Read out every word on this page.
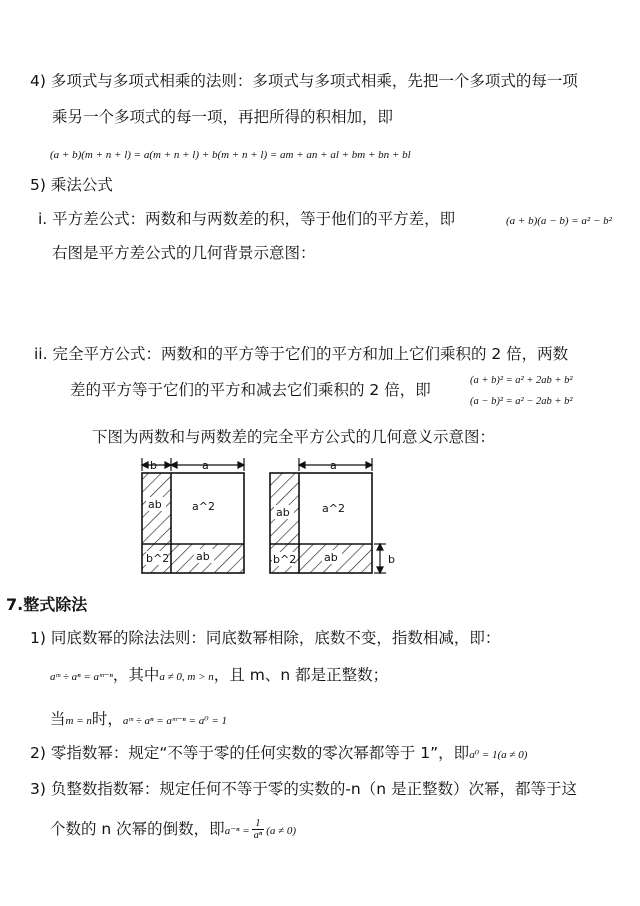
4) 多项式与多项式相乘的法则：多项式与多项式相乘，先把一个多项式的每一项
乘另一个多项式的每一项，再把所得的积相加，即
(a + b)(m + n + l) = a(m + n + l) + b(m + n + l) = am + an + al + bm + bn + bl
5) 乘法公式
i. 平方差公式：两数和与两数差的积，等于他们的平方差，即	(a + b)(a − b) = a² − b²
右图是平方差公式的几何背景示意图：
ii. 完全平方公式：两数和的平方等于它们的平方和加上它们乘积的 2 倍，两数
差的平方等于它们的平方和减去它们乘积的 2 倍，即
(a + b)² = a² + 2ab + b²
(a − b)² = a² − 2ab + b²
下图为两数和与两数差的完全平方公式的几何意义示意图：
b	a
ab	a^2
b^2 ab
a
ab	a^2
b^2	ab	b
7.整式除法
1) 同底数幂的除法法则：同底数幂相除，底数不变，指数相减，即：
aᵐ ÷ aⁿ = aᵐ⁻ⁿ，其中a ≠ 0, m > n，且 m、n 都是正整数；
当m = n时，aᵐ ÷ aⁿ = aᵐ⁻ⁿ = a⁰ = 1
2) 零指数幂：规定“不等于零的任何实数的零次幂都等于 1”，即a⁰ = 1(a ≠ 0)
3) 负整数指数幂：规定任何不等于零的实数的-n（n 是正整数）次幂，都等于这
个数的 n 次幂的倒数，即$a^{-n} = \frac{1}{\text{aⁿ}} (a \ne 0)$
